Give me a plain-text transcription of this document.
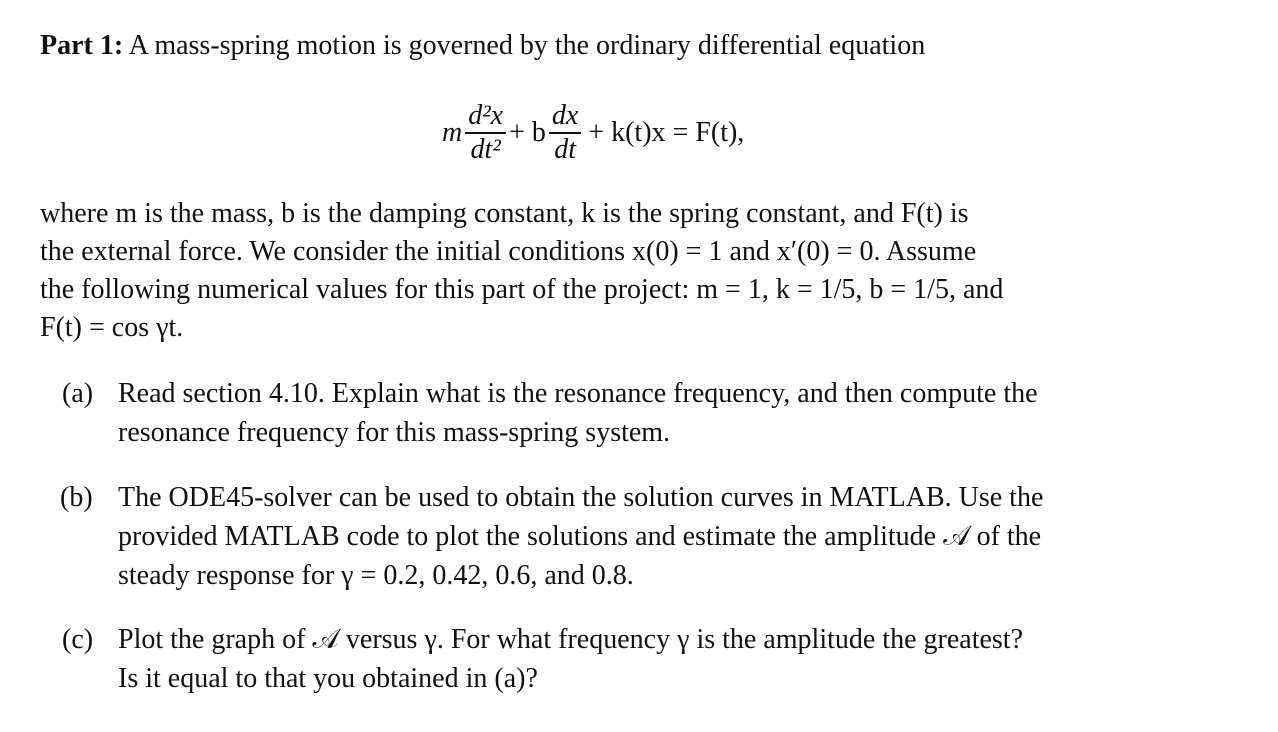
Part 1: A mass-spring motion is governed by the ordinary differential equation
m $\frac{\text{d²x}}{\text{dt²}} + b \frac{dx}{dt} + k(t)x = F(t)$,
where m is the mass, b is the damping constant, k is the spring constant, and F(t) is
the external force. We consider the initial conditions x(0) = 1 and x′(0) = 0. Assume
the following numerical values for this part of the project: m = 1, k = 1/5, b = 1/5, and
F(t) = cos γt.
(a) Read section 4.10. Explain what is the resonance frequency, and then compute the
resonance frequency for this mass-spring system.
(b) The ODE45-solver can be used to obtain the solution curves in MATLAB. Use the
provided MATLAB code to plot the solutions and estimate the amplitude 𝒜 of the
steady response for γ = 0.2, 0.42, 0.6, and 0.8.
(c) Plot the graph of 𝒜 versus γ. For what frequency γ is the amplitude the greatest?
Is it equal to that you obtained in (a)?
